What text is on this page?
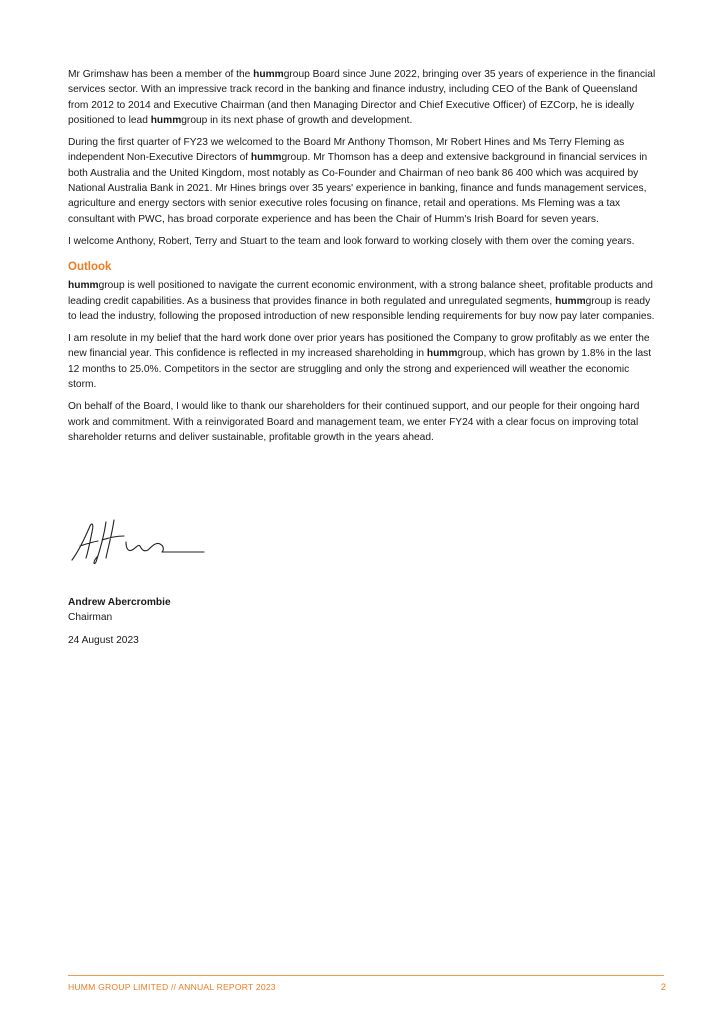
Mr Grimshaw has been a member of the hummgroup Board since June 2022, bringing over 35 years of experience in the financial services sector. With an impressive track record in the banking and finance industry, including CEO of the Bank of Queensland from 2012 to 2014 and Executive Chairman (and then Managing Director and Chief Executive Officer) of EZCorp, he is ideally positioned to lead hummgroup in its next phase of growth and development.

During the first quarter of FY23 we welcomed to the Board Mr Anthony Thomson, Mr Robert Hines and Ms Terry Fleming as independent Non-Executive Directors of hummgroup. Mr Thomson has a deep and extensive background in financial services in both Australia and the United Kingdom, most notably as Co-Founder and Chairman of neo bank 86 400 which was acquired by National Australia Bank in 2021. Mr Hines brings over 35 years' experience in banking, finance and funds management services, agriculture and energy sectors with senior executive roles focusing on finance, retail and operations. Ms Fleming was a tax consultant with PWC, has broad corporate experience and has been the Chair of Humm's Irish Board for seven years.

I welcome Anthony, Robert, Terry and Stuart to the team and look forward to working closely with them over the coming years.

Outlook

hummgroup is well positioned to navigate the current economic environment, with a strong balance sheet, profitable products and leading credit capabilities. As a business that provides finance in both regulated and unregulated segments, hummgroup is ready to lead the industry, following the proposed introduction of new responsible lending requirements for buy now pay later companies.

I am resolute in my belief that the hard work done over prior years has positioned the Company to grow profitably as we enter the new financial year. This confidence is reflected in my increased shareholding in hummgroup, which has grown by 1.8% in the last 12 months to 25.0%. Competitors in the sector are struggling and only the strong and experienced will weather the economic storm.

On behalf of the Board, I would like to thank our shareholders for their continued support, and our people for their ongoing hard work and commitment. With a reinvigorated Board and management team, we enter FY24 with a clear focus on improving total shareholder returns and deliver sustainable, profitable growth in the years ahead.

Andrew Abercrombie
Chairman
24 August 2023
HUMM GROUP LIMITED // ANNUAL REPORT 2023	2
